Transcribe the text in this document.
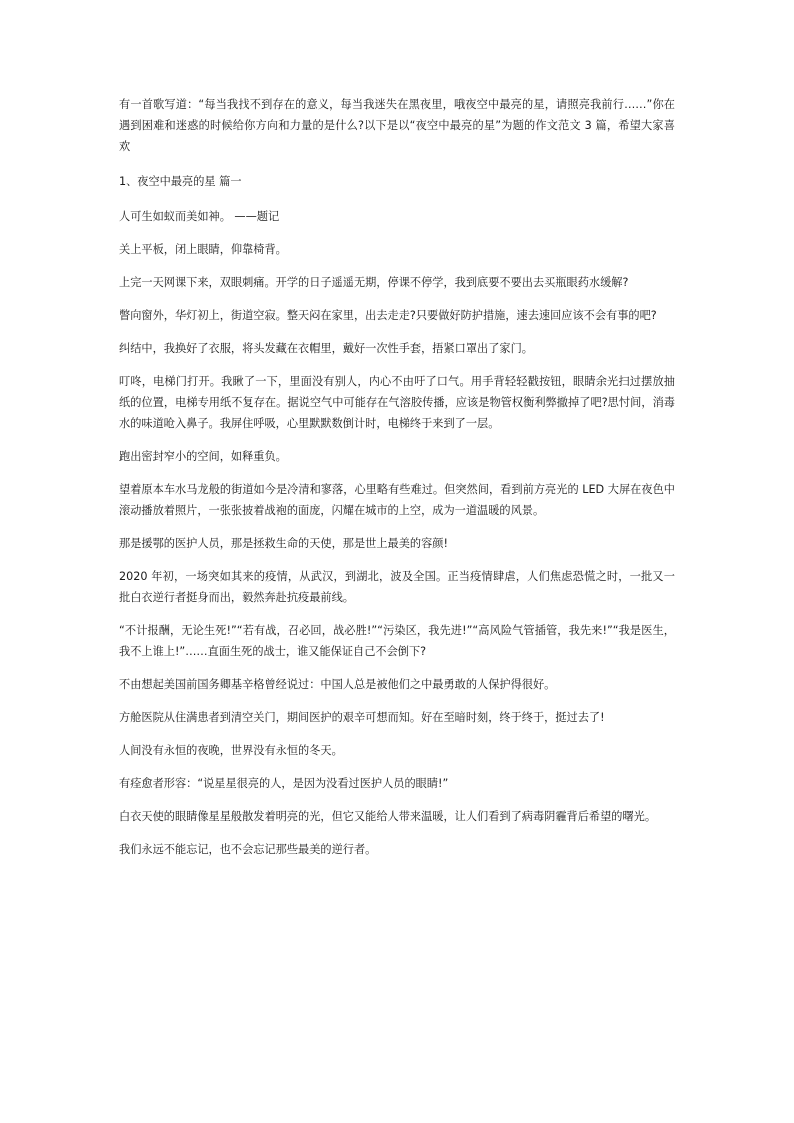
有一首歌写道：“每当我找不到存在的意义，每当我迷失在黑夜里，哦夜空中最亮的星，请照亮我前行……”你在遇到困难和迷惑的时候给你方向和力量的是什么?以下是以“夜空中最亮的星”为题的作文范文 3 篇，希望大家喜欢

1、夜空中最亮的星 篇一

人可生如蚁而美如神。 ——题记

关上平板，闭上眼睛，仰靠椅背。

上完一天网课下来，双眼刺痛。开学的日子遥遥无期，停课不停学，我到底要不要出去买瓶眼药水缓解?

瞥向窗外，华灯初上，街道空寂。整天闷在家里，出去走走?只要做好防护措施，速去速回应该不会有事的吧?

纠结中，我换好了衣服，将头发藏在衣帽里，戴好一次性手套，捂紧口罩出了家门。

叮咚，电梯门打开。我瞅了一下，里面没有别人，内心不由吁了口气。用手背轻轻戳按钮，眼睛余光扫过摆放抽纸的位置，电梯专用纸不复存在。据说空气中可能存在气溶胶传播，应该是物管权衡利弊撤掉了吧?思忖间，消毒水的味道呛入鼻子。我屏住呼吸，心里默默数倒计时，电梯终于来到了一层。

跑出密封窄小的空间，如释重负。

望着原本车水马龙般的街道如今是冷清和寥落，心里略有些难过。但突然间，看到前方亮光的 LED 大屏在夜色中滚动播放着照片，一张张披着战袍的面庞，闪耀在城市的上空，成为一道温暖的风景。

那是援鄂的医护人员，那是拯救生命的天使，那是世上最美的容颜!

2020 年初，一场突如其来的疫情，从武汉，到湖北，波及全国。正当疫情肆虐，人们焦虑恐慌之时，一批又一批白衣逆行者挺身而出，毅然奔赴抗疫最前线。

“不计报酬，无论生死!”“若有战，召必回，战必胜!”“污染区，我先进!”“高风险气管插管，我先来!”“我是医生，我不上谁上!”……直面生死的战士，谁又能保证自己不会倒下?

不由想起美国前国务卿基辛格曾经说过：中国人总是被他们之中最勇敢的人保护得很好。

方舱医院从住满患者到清空关门，期间医护的艰辛可想而知。好在至暗时刻，终于终于，挺过去了!

人间没有永恒的夜晚，世界没有永恒的冬天。

有痊愈者形容：“说星星很亮的人，是因为没看过医护人员的眼睛!”

白衣天使的眼睛像星星般散发着明亮的光，但它又能给人带来温暖，让人们看到了病毒阴霾背后希望的曙光。

我们永远不能忘记，也不会忘记那些最美的逆行者。
